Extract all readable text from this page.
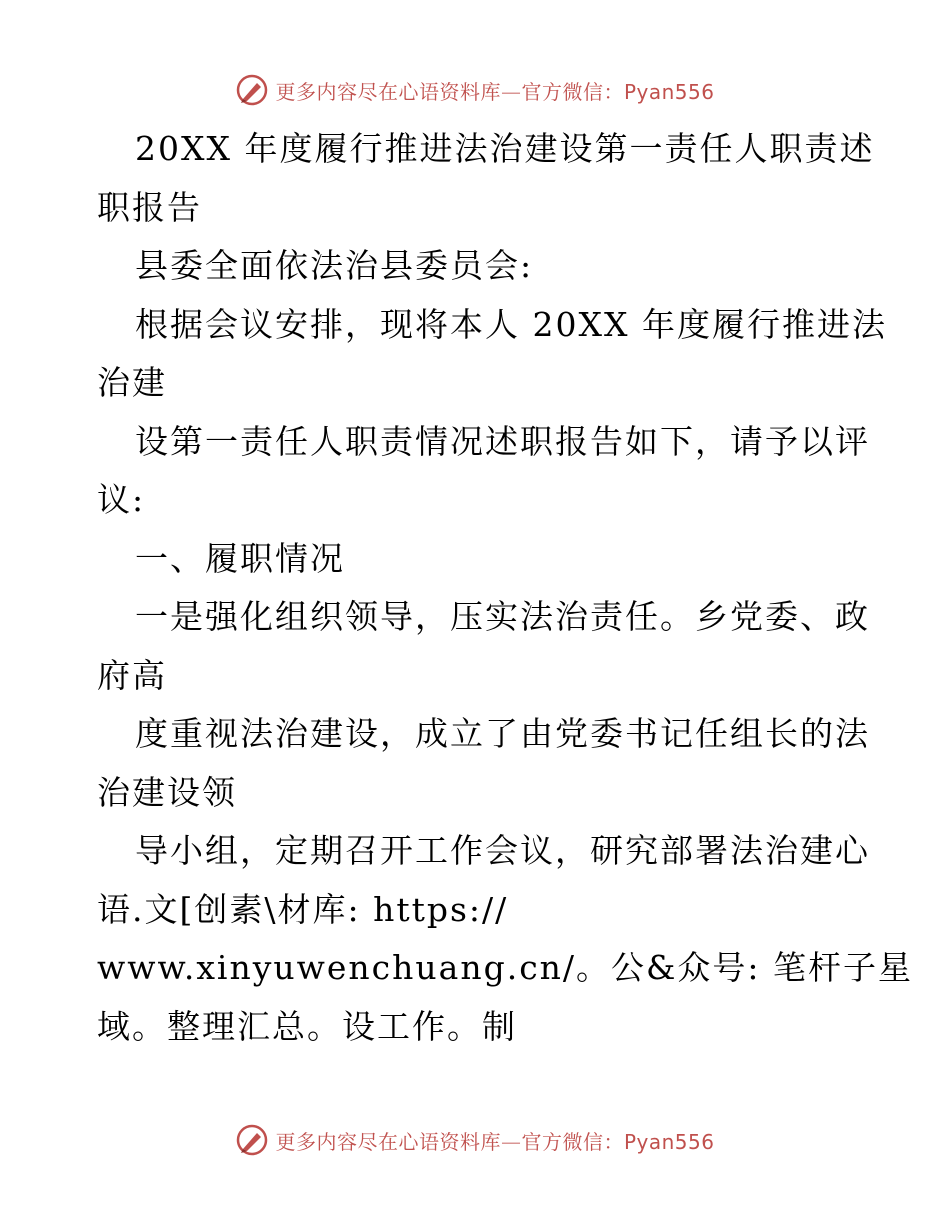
更多内容尽在心语资料库—官方微信：Pyan556
20XX 年度履行推进法治建设第一责任人职责述
职报告
县委全面依法治县委员会:
根据会议安排，现将本人 20XX 年度履行推进法
治建
设第一责任人职责情况述职报告如下，请予以评
议:
一、履职情况
一是强化组织领导，压实法治责任。乡党委、政
府高
度重视法治建设，成立了由党委书记任组长的法
治建设领
导小组，定期召开工作会议，研究部署法治建心
语.文[创素\材库: https://
www.xinyuwenchuang.cn/。公&众号: 笔杆子星
域。整理汇总。设工作。制
更多内容尽在心语资料库—官方微信：Pyan556
